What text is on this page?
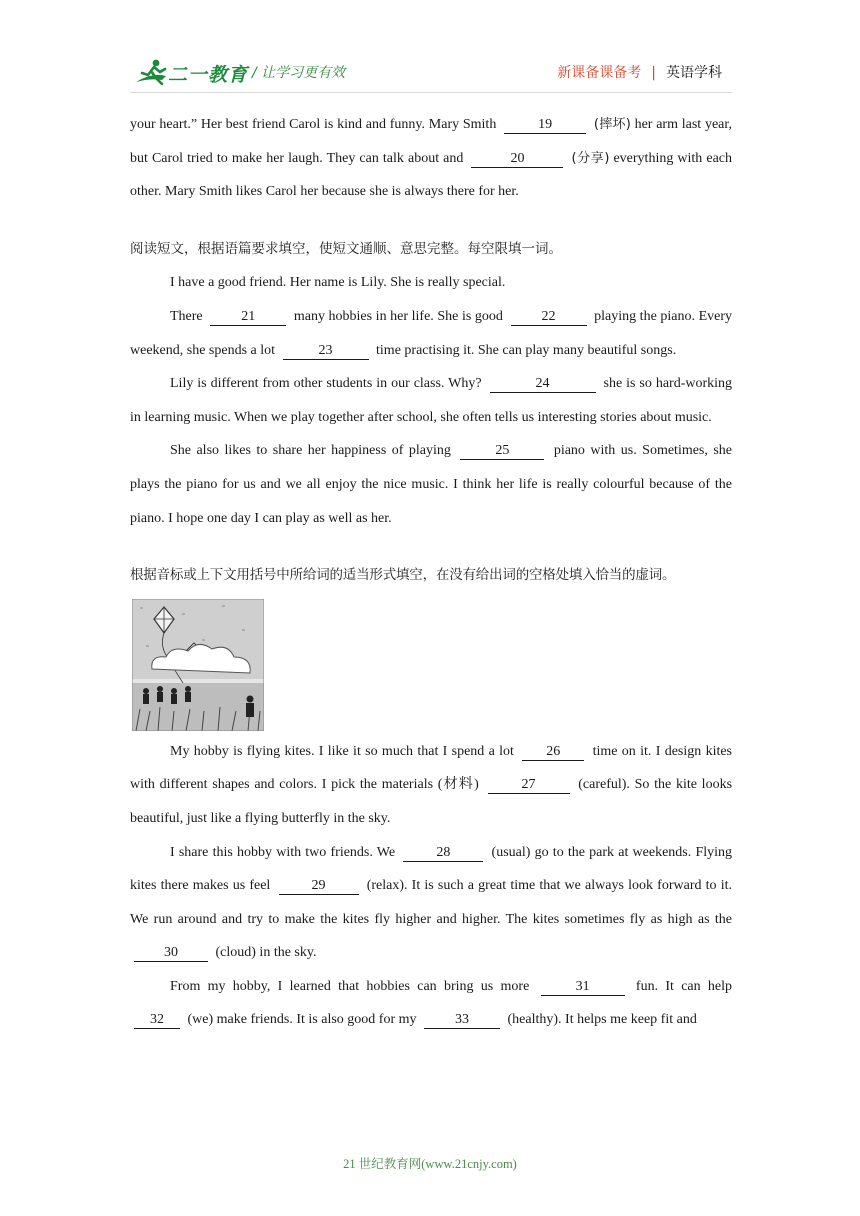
二一教育 / 让学习更有效	新课备课备考 | 英语学科

your heart.” Her best friend Carol is kind and funny. Mary Smith	19	(摔坏) her arm last year, but Carol tried to make her laugh. They can talk about and	20	(分享) everything with each other. Mary Smith likes Carol her because she is always there for her.

阅读短文，根据语篇要求填空，使短文通顺、意思完整。每空限填一词。

I have a good friend. Her name is Lily. She is really special.

There	21	many hobbies in her life. She is good	22	playing the piano. Every weekend, she spends a lot	23	time practising it. She can play many beautiful songs.

Lily is different from other students in our class. Why?	24	she is so hard-working in learning music. When we play together after school, she often tells us interesting stories about music.

She also likes to share her happiness of playing	25	piano with us. Sometimes, she plays the piano for us and we all enjoy the nice music. I think her life is really colourful because of the piano. I hope one day I can play as well as her.

根据音标或上下文用括号中所给词的适当形式填空，在没有给出词的空格处填入恰当的虚词。

My hobby is flying kites. I like it so much that I spend a lot 26 time on it. I design kites with different shapes and colors. I pick the materials (材料)	27	(careful). So the kite looks beautiful, just like a flying butterfly in the sky.

I share this hobby with two friends. We	28	(usual) go to the park at weekends. Flying kites there makes us feel	29	(relax). It is such a great time that we always look forward to it. We run around and try to make the kites fly higher and higher. The kites sometimes fly as high as the 30	(cloud) in the sky.

From my hobby, I learned that hobbies can bring us more	31	fun. It can help 32 (we) make friends. It is also good for my	33	(healthy). It helps me keep fit and

21 世纪教育网(www.21cnjy.com)
